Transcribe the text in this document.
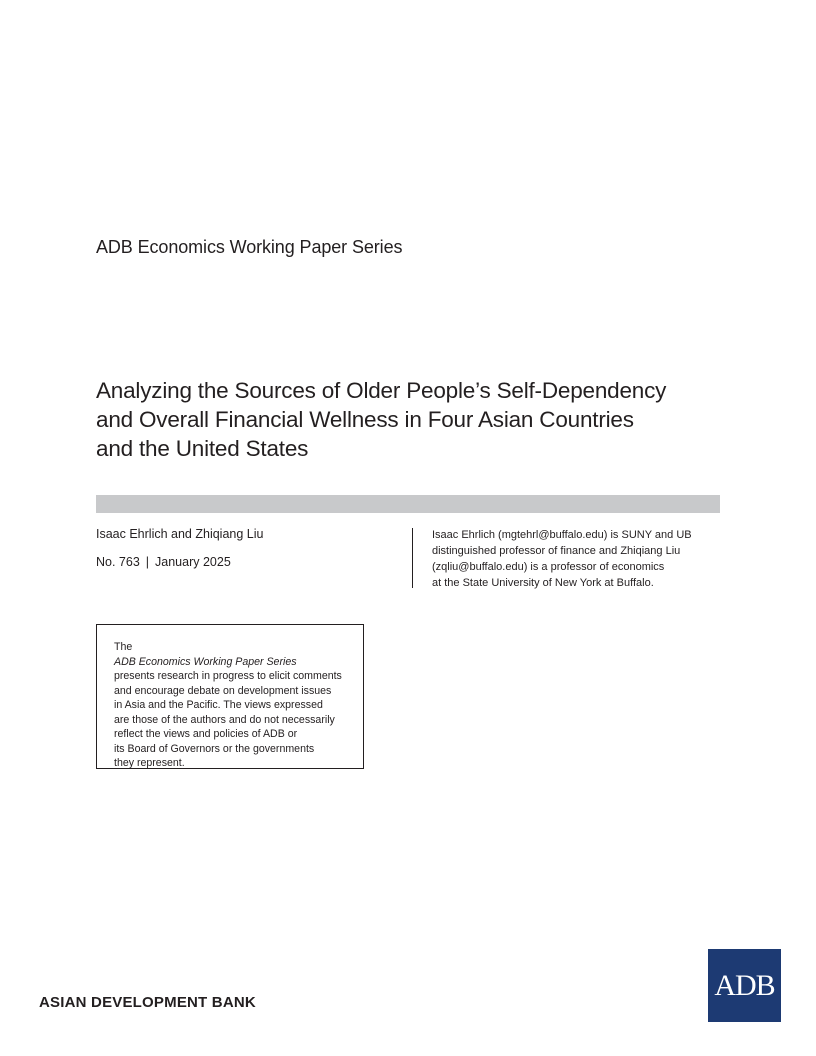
ADB Economics Working Paper Series
Analyzing the Sources of Older People’s Self-Dependency
and Overall Financial Wellness in Four Asian Countries
and the United States
Isaac Ehrlich and Zhiqiang Liu
No. 763 | January 2025
Isaac Ehrlich (mgtehrl@buffalo.edu) is SUNY and UB
distinguished professor of finance and Zhiqiang Liu
(zqliu@buffalo.edu) is a professor of economics
at the State University of New York at Buffalo.
The
ADB Economics Working Paper Series
presents research in progress to elicit comments
and encourage debate on development issues
in Asia and the Pacific. The views expressed
are those of the authors and do not necessarily
reflect the views and policies of ADB or
its Board of Governors or the governments
they represent.
ASIAN DEVELOPMENT BANK
ADB
